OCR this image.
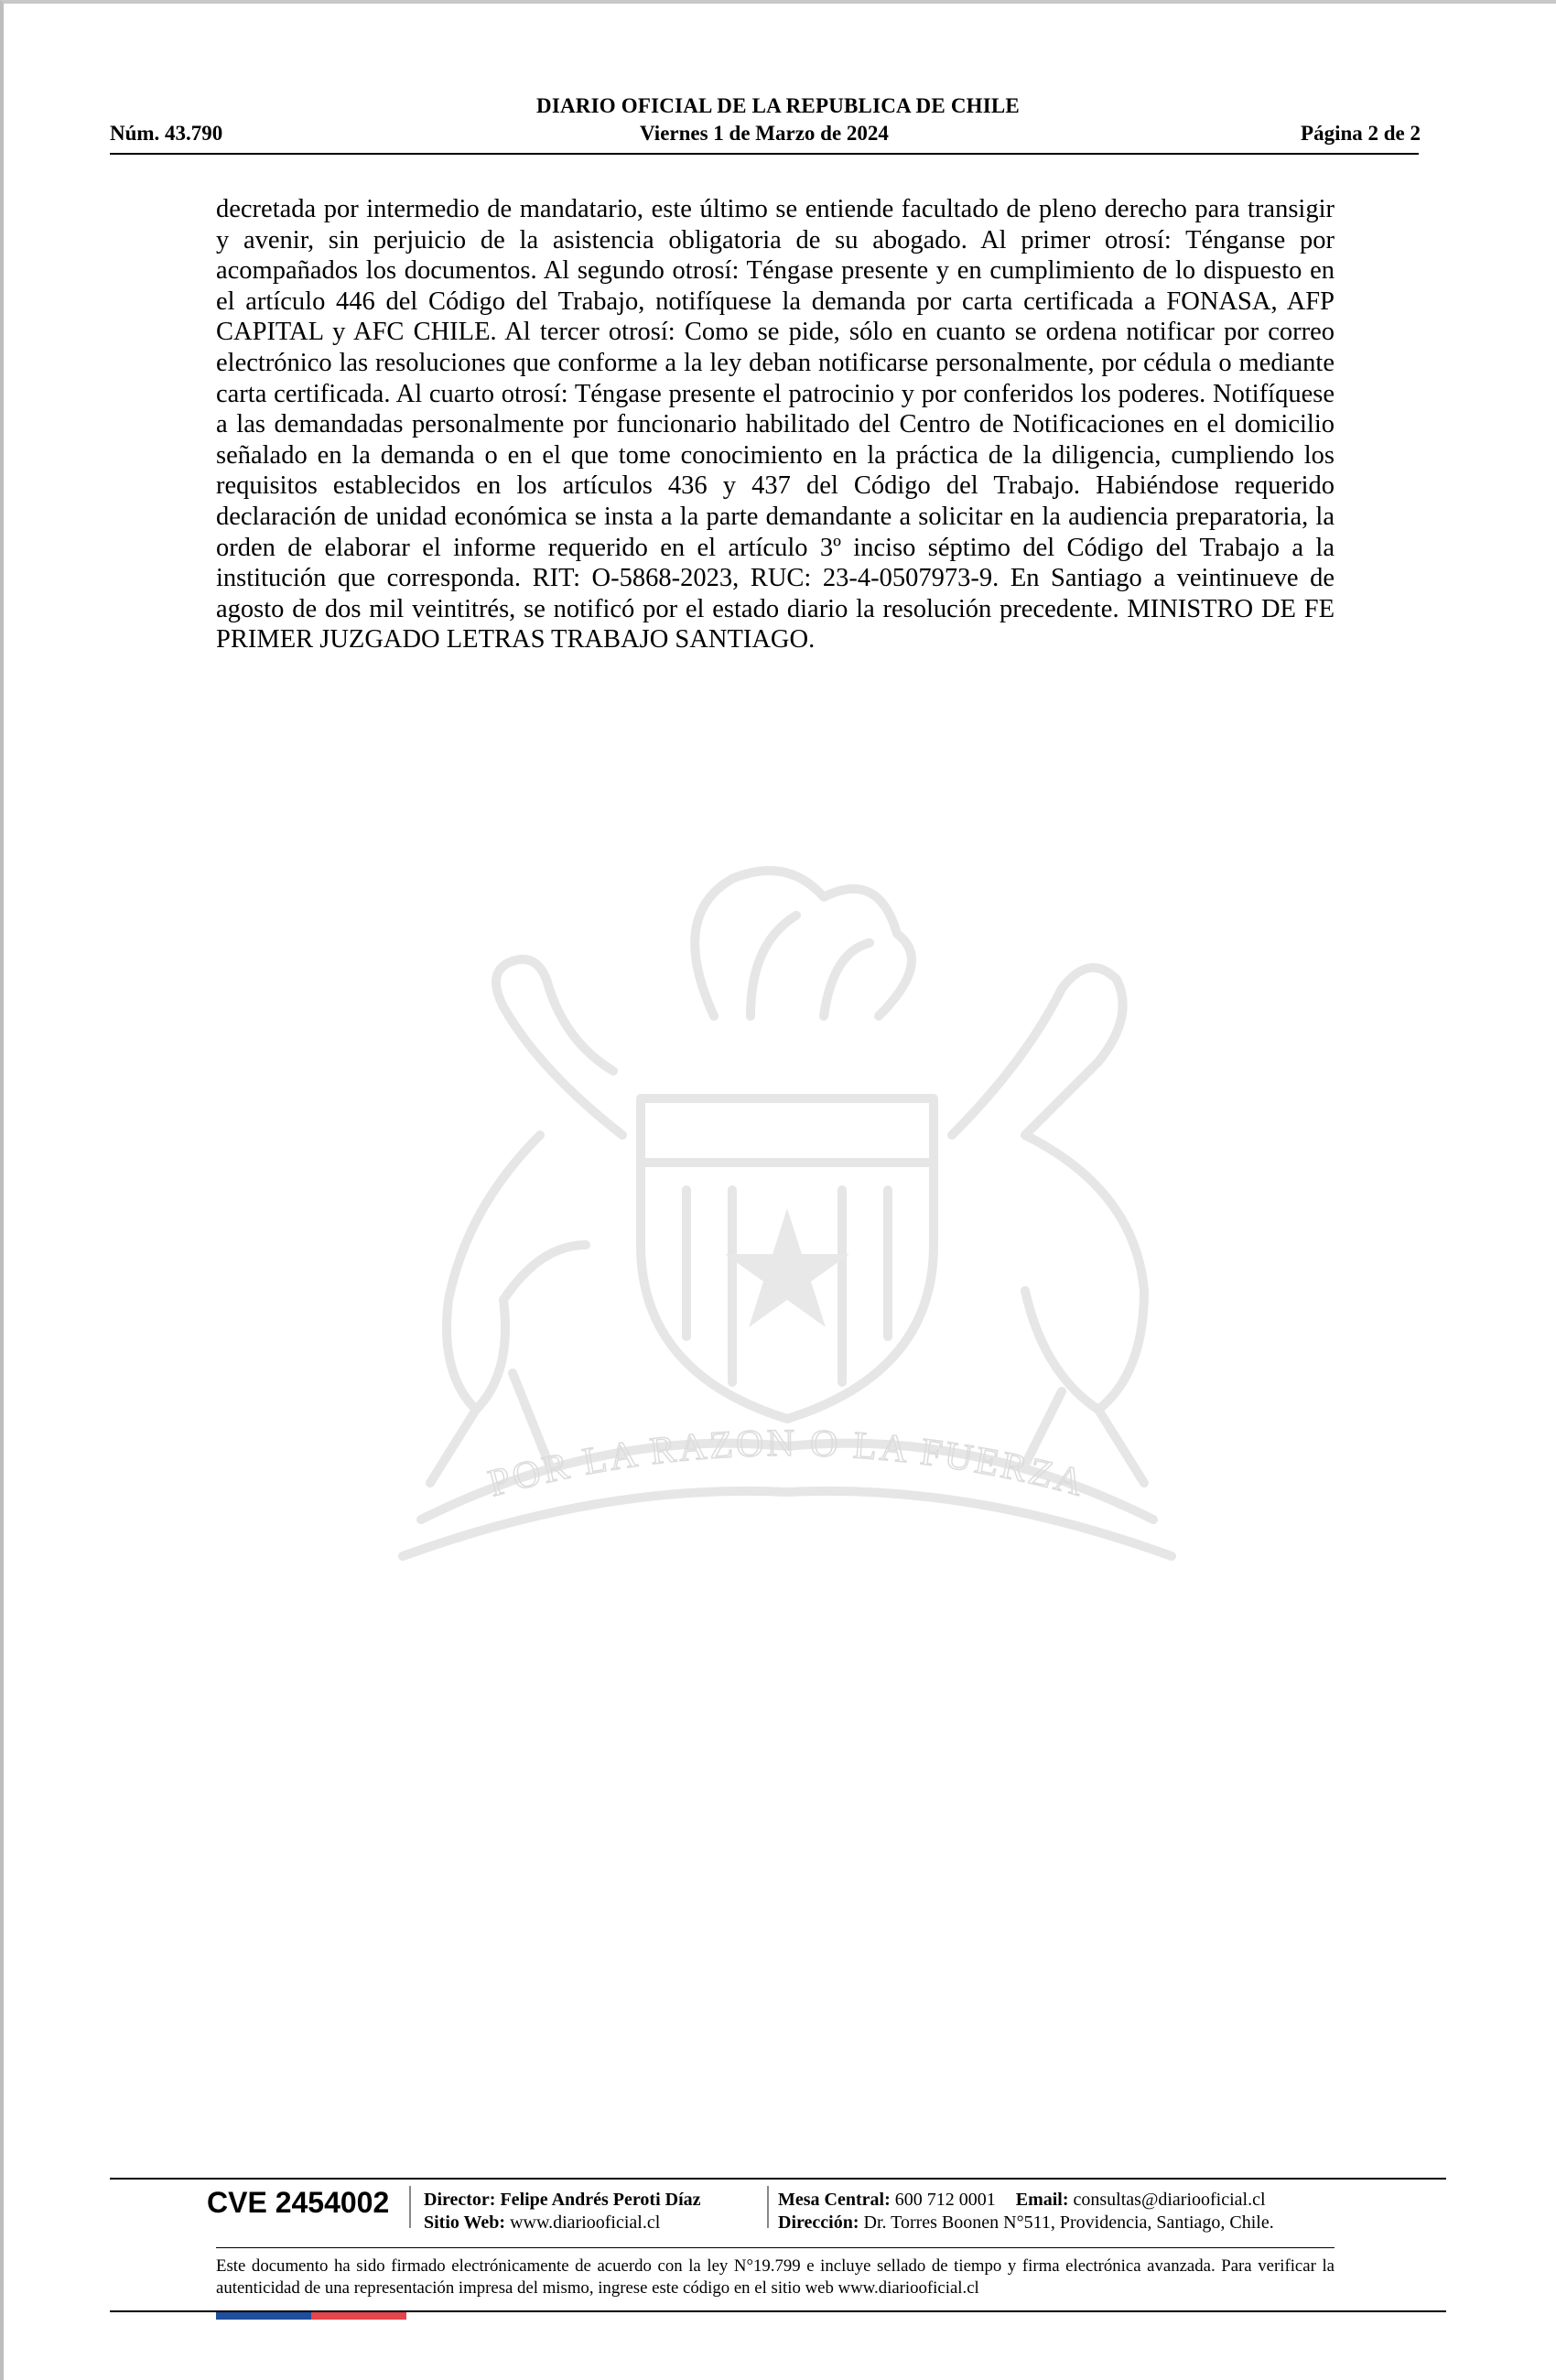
DIARIO OFICIAL DE LA REPUBLICA DE CHILE
Núm. 43.790	Viernes 1 de Marzo de 2024	Página 2 de 2
decretada por intermedio de mandatario, este último se entiende facultado de pleno derecho para transigir y avenir, sin perjuicio de la asistencia obligatoria de su abogado. Al primer otrosí: Ténganse por acompañados los documentos. Al segundo otrosí: Téngase presente y en cumplimiento de lo dispuesto en el artículo 446 del Código del Trabajo, notifíquese la demanda por carta certificada a FONASA, AFP CAPITAL y AFC CHILE. Al tercer otrosí: Como se pide, sólo en cuanto se ordena notificar por correo electrónico las resoluciones que conforme a la ley deban notificarse personalmente, por cédula o mediante carta certificada. Al cuarto otrosí: Téngase presente el patrocinio y por conferidos los poderes. Notifíquese a las demandadas personalmente por funcionario habilitado del Centro de Notificaciones en el domicilio señalado en la demanda o en el que tome conocimiento en la práctica de la diligencia, cumpliendo los requisitos establecidos en los artículos 436 y 437 del Código del Trabajo. Habiéndose requerido declaración de unidad económica se insta a la parte demandante a solicitar en la audiencia preparatoria, la orden de elaborar el informe requerido en el artículo 3º inciso séptimo del Código del Trabajo a la institución que corresponda. RIT: O-5868-2023, RUC: 23-4-0507973-9. En Santiago a veintinueve de agosto de dos mil veintitrés, se notificó por el estado diario la resolución precedente. MINISTRO DE FE PRIMER JUZGADO LETRAS TRABAJO SANTIAGO.
POR LA RAZON O LA FUERZA
CVE 2454002 Director: Felipe Andrés Peroti Díaz
Sitio Web: www.diariooficial.cl
Mesa Central: 600 712 0001 Email: consultas@diariooficial.cl
Dirección: Dr. Torres Boonen N°511, Providencia, Santiago, Chile.
Este documento ha sido firmado electrónicamente de acuerdo con la ley N°19.799 e incluye sellado de tiempo y firma electrónica avanzada. Para verificar la autenticidad de una representación impresa del mismo, ingrese este código en el sitio web www.diariooficial.cl
